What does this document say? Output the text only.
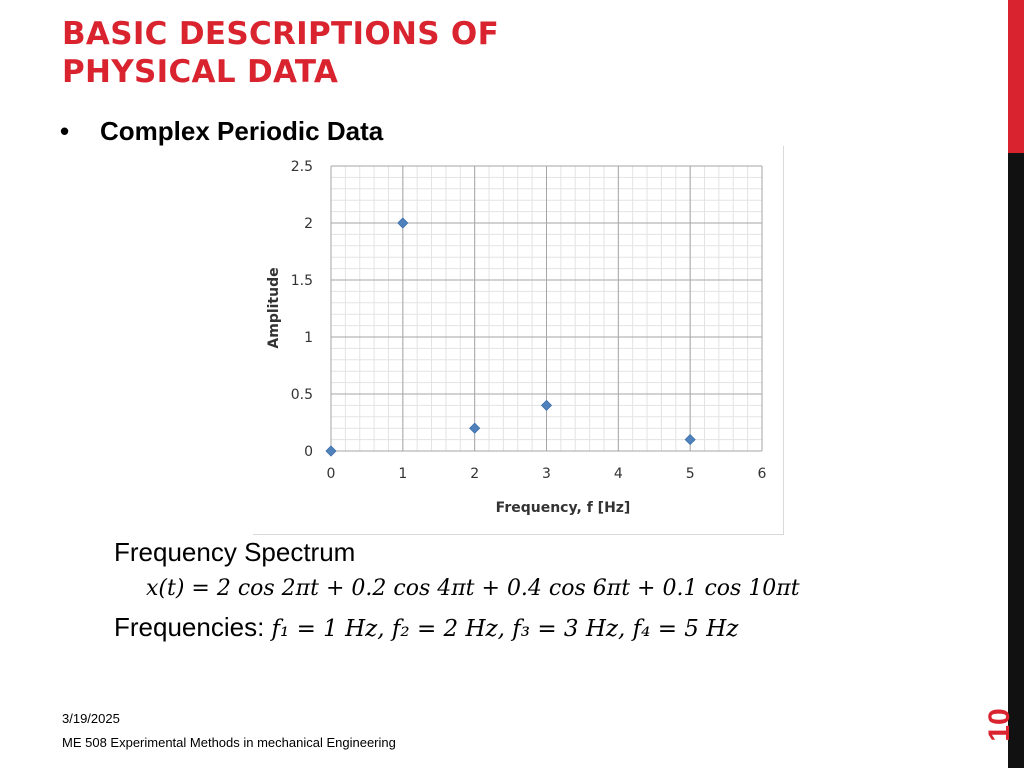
BASIC DESCRIPTIONS OF
PHYSICAL DATA
• Complex Periodic Data
0	1	2	3	4	5	6
0
0.5
1
1.5
2
2.5
Frequency, f [Hz]
Amplitude
Frequency Spectrum
x(t) = 2 cos 2πt + 0.2 cos 4πt + 0.4 cos 6πt + 0.1 cos 10πt
Frequencies: f₁ = 1 Hz, f₂ = 2 Hz, f₃ = 3 Hz, f₄ = 5 Hz
3/19/2025
ME 508 Experimental Methods in mechanical Engineering
10
